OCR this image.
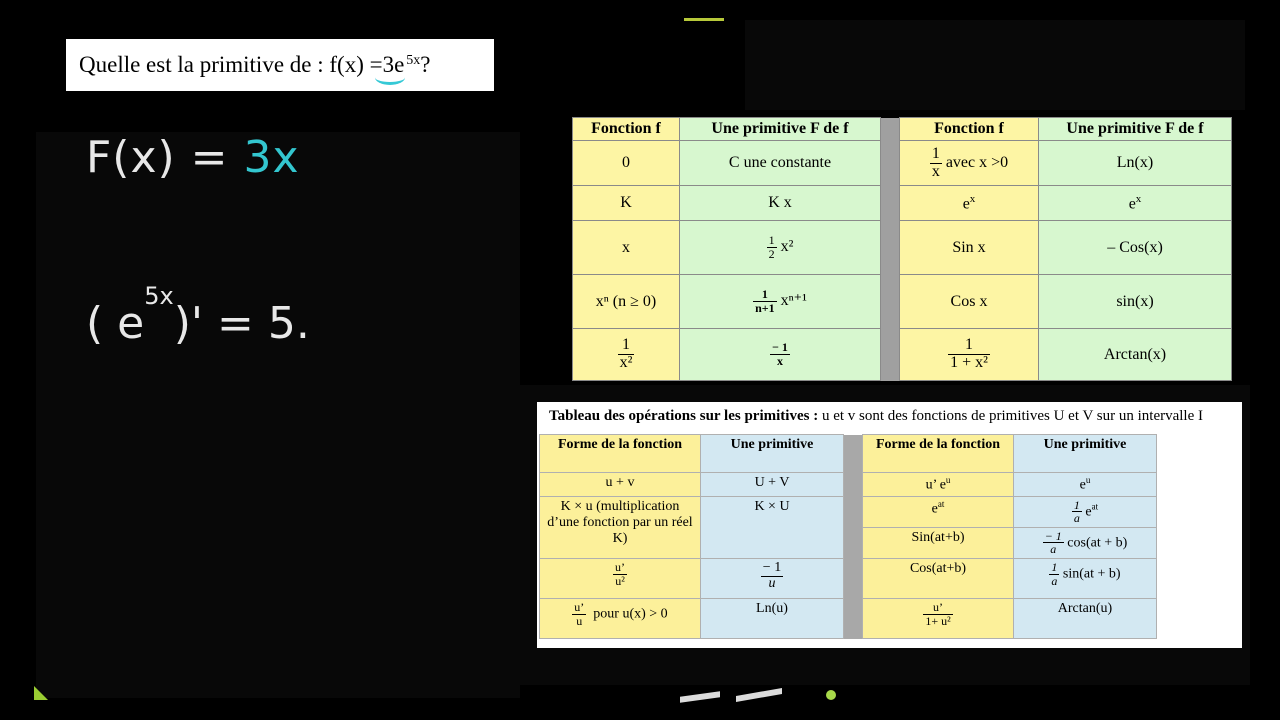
Quelle est la primitive de : f(x) = 3 $e^{5x}$ ?
F(x) = 3x
( $e^{5x})' = 5$.
Fonction f	Une primitive F de f		Fonction f	Une primitive F de f
0	C une constante		$\frac{1}{x}$ avec x >0	Ln(x)
K	K x		$e^x$	$e^x$
x	$\frac{1}{2} x^2$		Sin x	– Cos(x)
xⁿ (n ≥ 0)	$\frac{1}{n+1} x^{n+1}$		Cos x	sin(x)

$\frac{1}{\text{x²}}$	$\frac{- 1}{x}$		$\frac{1}{\text{1 + x²}}$	Arctan(x)
Tableau des opérations sur les primitives : u et v sont des fonctions de primitives U et V sur un intervalle I
Forme de la fonction	Une primitive		Forme de la fonction	Une primitive
u + v	U + V		u’ $e^u$	$e^u$
K × u (multiplication d’une fonction par un réel K)	K × U		$e^{at}$	$\frac{1}{a} e^{at}$
			Sin(at+b)	$\frac{- 1}{a} \cos(at + b)$

$\frac{u’}{\text{u²}}$	$\frac{- 1}{u}$		Cos(at+b)	$\frac{1}{a} \sin(at + b)$

$\frac{u’}{u}$ pour u(x) > 0	Ln(u)		$\frac{u’}{\text{1+ u²}}$	Arctan(u)
